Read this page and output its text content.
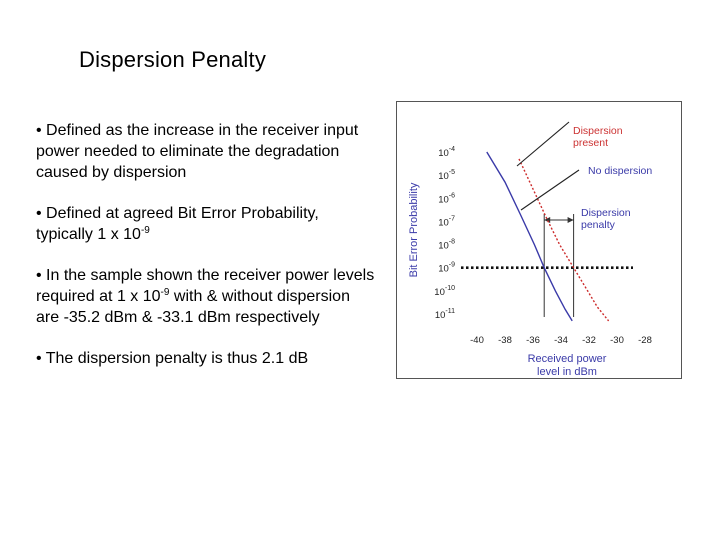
Dispersion Penalty

• Defined as the increase in the receiver input power needed to eliminate the degradation caused by dispersion

• Defined at agreed Bit Error Probability, typically 1 x $10^{-9}$

• In the sample shown the receiver power levels required at 1 x $10^{-9}$ with & without dispersion are -35.2 dBm & -33.1 dBm respectively

• The dispersion penalty is thus 2.1 dB

Bit Error Probability
$10^{-4}$
$10^{-5}$
$10^{-6}$
$10^{-7}$
$10^{-8}$
$10^{-9}$
$10^{-10}$
$10^{-11}$
-40 -38 -36 -34 -32 -30 -28
Received power level in dBm
Dispersion present
No dispersion
Dispersion penalty
